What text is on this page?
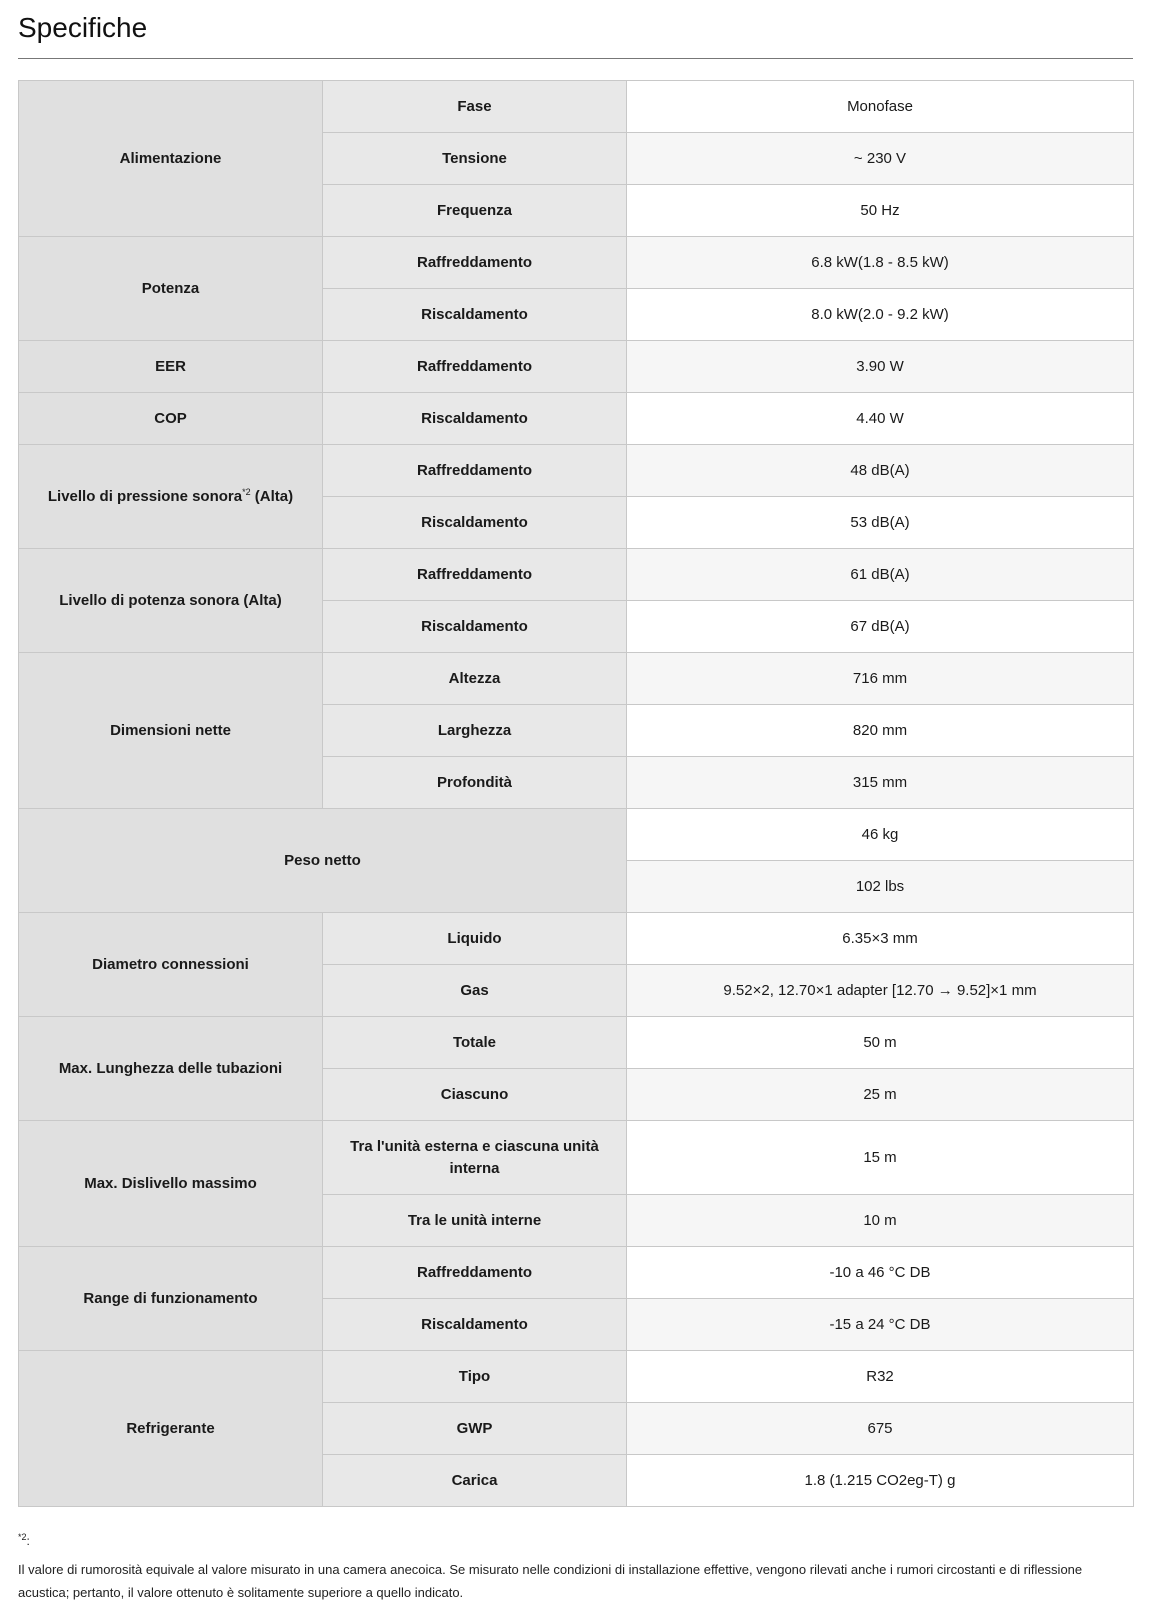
Specifiche
Alimentazione	Fase	Monofase
	Tensione	~ 230 V
	Frequenza	50 Hz
Potenza	Raffreddamento	6.8 kW(1.8 - 8.5 kW)
	Riscaldamento	8.0 kW(2.0 - 9.2 kW)
EER	Raffreddamento	3.90 W
COP	Riscaldamento	4.40 W
Livello di pressione sonora$^{*2}$ (Alta)	Raffreddamento	48 dB(A)
	Riscaldamento	53 dB(A)
Livello di potenza sonora (Alta)	Raffreddamento	61 dB(A)
	Riscaldamento	67 dB(A)
Dimensioni nette	Altezza	716 mm
	Larghezza	820 mm
	Profondità	315 mm
Peso netto		46 kg
		102 lbs
Diametro connessioni	Liquido	6.35×3 mm
	Gas	9.52×2, 12.70×1 adapter [12.70 → 9.52]×1 mm
Max. Lunghezza delle tubazioni	Totale	50 m
	Ciascuno	25 m
Max. Dislivello massimo	Tra l'unità esterna e ciascuna unità interna	15 m
	Tra le unità interne	10 m
Range di funzionamento	Raffreddamento	-10 a 46 °C DB
	Riscaldamento	-15 a 24 °C DB
Refrigerante	Tipo	R32
	GWP	675
	Carica	1.8 (1.215 CO2eg-T) g
$^{*2}$:

Il valore di rumorosità equivale al valore misurato in una camera anecoica. Se misurato nelle condizioni di installazione effettive, vengono rilevati anche i rumori circostanti e di riflessione acustica; pertanto, il valore ottenuto è solitamente superiore a quello indicato.
